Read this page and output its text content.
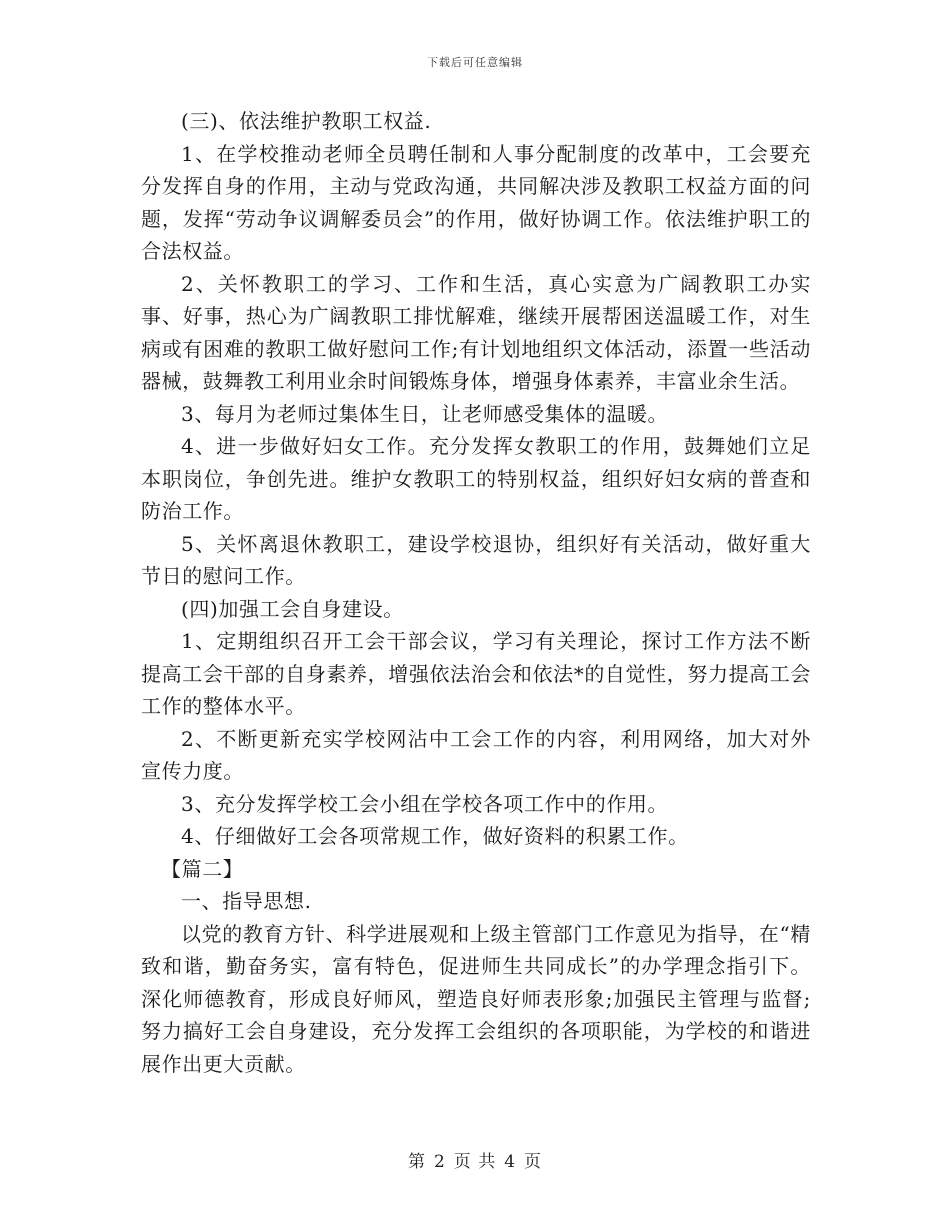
下载后可任意编辑

(三)、依法维护教职工权益.

1、在学校推动老师全员聘任制和人事分配制度的改革中，工会要充分发挥自身的作用，主动与党政沟通，共同解决涉及教职工权益方面的问题，发挥“劳动争议调解委员会”的作用，做好协调工作。依法维护职工的合法权益。

2、关怀教职工的学习、工作和生活，真心实意为广阔教职工办实事、好事，热心为广阔教职工排忧解难，继续开展帮困送温暖工作，对生病或有困难的教职工做好慰问工作;有计划地组织文体活动，添置一些活动器械，鼓舞教工利用业余时间锻炼身体，增强身体素养，丰富业余生活。

3、每月为老师过集体生日，让老师感受集体的温暖。

4、进一步做好妇女工作。充分发挥女教职工的作用，鼓舞她们立足本职岗位，争创先进。维护女教职工的特别权益，组织好妇女病的普查和防治工作。

5、关怀离退休教职工，建设学校退协，组织好有关活动，做好重大节日的慰问工作。

(四)加强工会自身建设。

1、定期组织召开工会干部会议，学习有关理论，探讨工作方法不断提高工会干部的自身素养，增强依法治会和依法*的自觉性，努力提高工会工作的整体水平。

2、不断更新充实学校网沾中工会工作的内容，利用网络，加大对外宣传力度。

3、充分发挥学校工会小组在学校各项工作中的作用。

4、仔细做好工会各项常规工作，做好资料的积累工作。

【篇二】

一、指导思想.

以党的教育方针、科学进展观和上级主管部门工作意见为指导，在“精致和谐，勤奋务实，富有特色，促进师生共同成长”的办学理念指引下。深化师德教育，形成良好师风，塑造良好师表形象;加强民主管理与监督;努力搞好工会自身建设，充分发挥工会组织的各项职能，为学校的和谐进展作出更大贡献。

第 2 页 共 4 页
